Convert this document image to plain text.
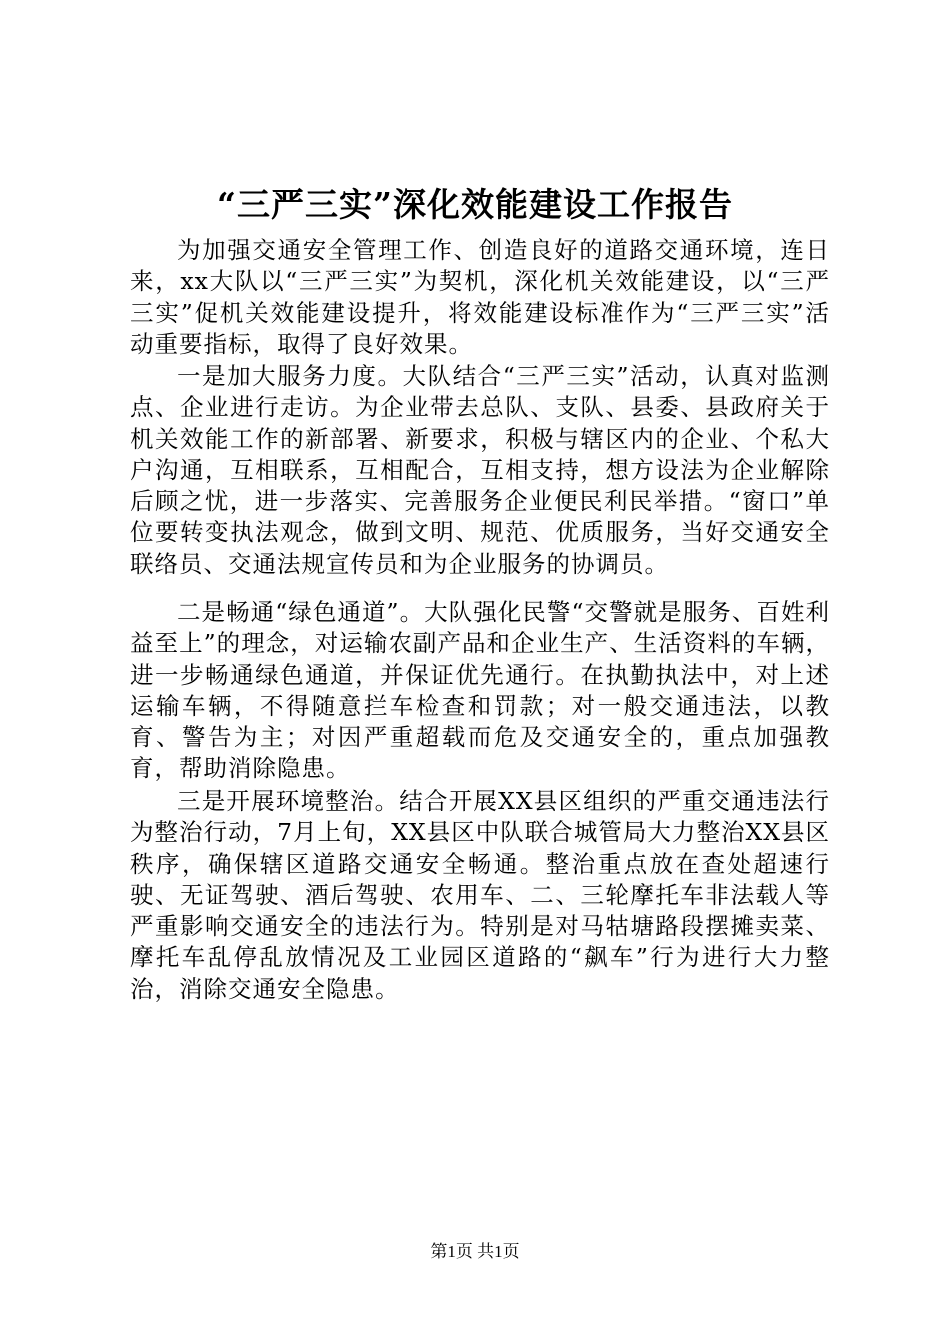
“三严三实”深化效能建设工作报告

为加强交通安全管理工作、创造良好的道路交通环境，连日来，xx大队以“三严三实”为契机，深化机关效能建设，以“三严三实”促机关效能建设提升，将效能建设标准作为“三严三实”活动重要指标，取得了良好效果。

一是加大服务力度。大队结合“三严三实”活动，认真对监测点、企业进行走访。为企业带去总队、支队、县委、县政府关于机关效能工作的新部署、新要求，积极与辖区内的企业、个私大户沟通，互相联系，互相配合，互相支持，想方设法为企业解除后顾之忧，进一步落实、完善服务企业便民利民举措。“窗口”单位要转变执法观念，做到文明、规范、优质服务，当好交通安全联络员、交通法规宣传员和为企业服务的协调员。

二是畅通“绿色通道”。大队强化民警“交警就是服务、百姓利益至上”的理念，对运输农副产品和企业生产、生活资料的车辆，进一步畅通绿色通道，并保证优先通行。在执勤执法中，对上述运输车辆，不得随意拦车检查和罚款；对一般交通违法，以教育、警告为主；对因严重超载而危及交通安全的，重点加强教育，帮助消除隐患。

三是开展环境整治。结合开展XX县区组织的严重交通违法行为整治行动，7月上旬，XX县区中队联合城管局大力整治XX县区秩序，确保辖区道路交通安全畅通。整治重点放在查处超速行驶、无证驾驶、酒后驾驶、农用车、二、三轮摩托车非法载人等严重影响交通安全的违法行为。特别是对马牯塘路段摆摊卖菜、摩托车乱停乱放情况及工业园区道路的“飙车”行为进行大力整治，消除交通安全隐患。

第1页 共1页
